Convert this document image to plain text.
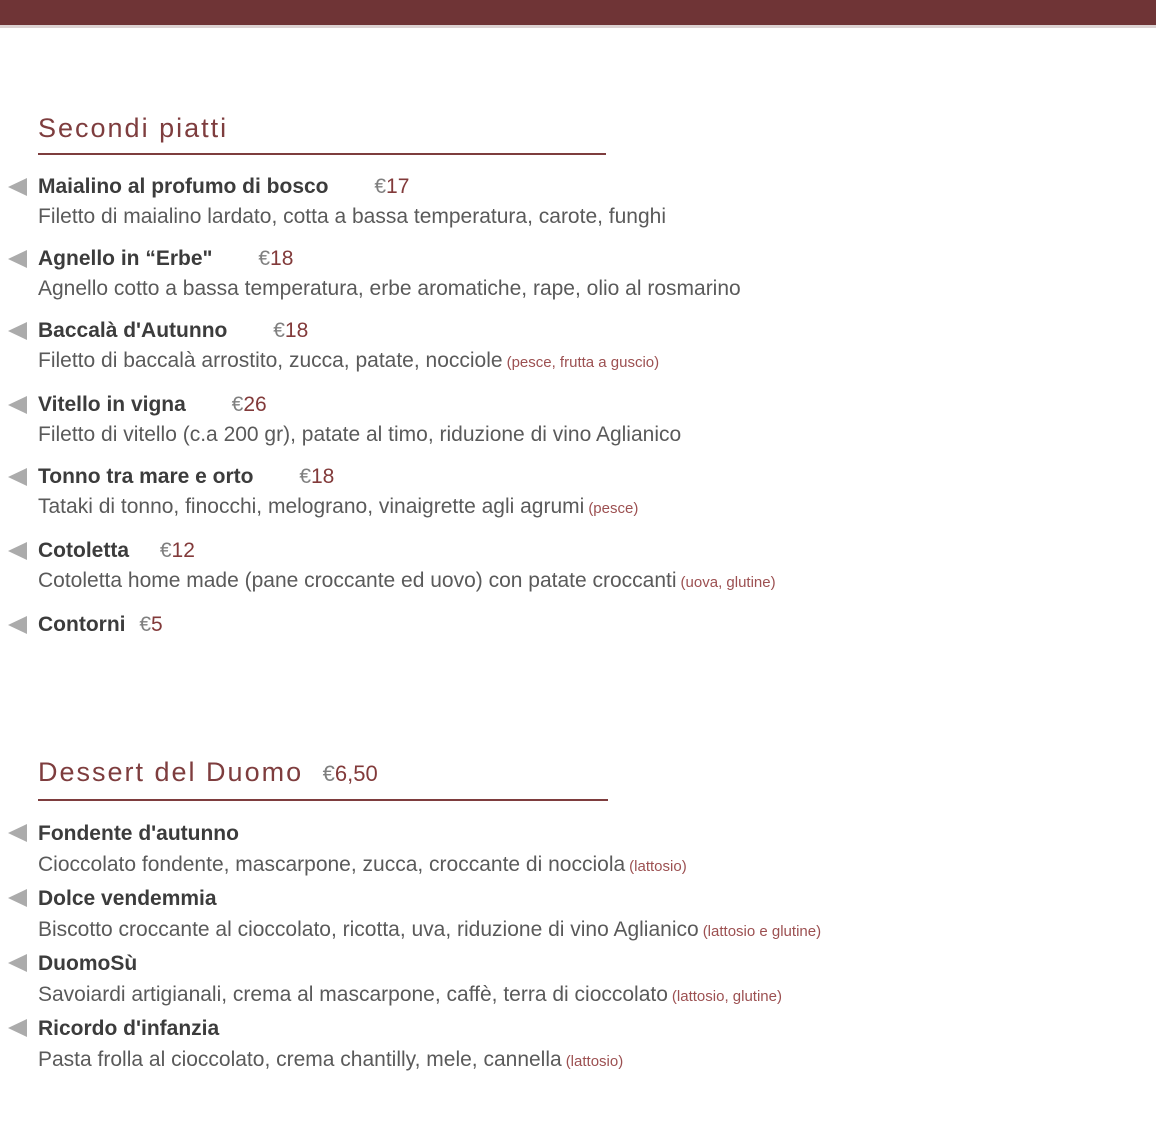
Secondi piatti
Maialino al profumo di bosco €17
Filetto di maialino lardato, cotta a bassa temperatura, carote, funghi
Agnello in “Erbe" €18
Agnello cotto a bassa temperatura, erbe aromatiche, rape, olio al rosmarino
Baccalà d'Autunno €18
Filetto di baccalà arrostito, zucca, patate, nocciole (pesce, frutta a guscio)
Vitello in vigna €26
Filetto di vitello (c.a 200 gr), patate al timo, riduzione di vino Aglianico
Tonno tra mare e orto €18
Tataki di tonno, finocchi, melograno, vinaigrette agli agrumi (pesce)
Cotoletta €12
Cotoletta home made (pane croccante ed uovo) con patate croccanti (uova, glutine)
Contorni €5
Dessert del Duomo €6,50
Fondente d'autunno
Cioccolato fondente, mascarpone, zucca, croccante di nocciola (lattosio)
Dolce vendemmia
Biscotto croccante al cioccolato, ricotta, uva, riduzione di vino Aglianico (lattosio e glutine)
DuomoSù
Savoiardi artigianali, crema al mascarpone, caffè, terra di cioccolato (lattosio, glutine)
Ricordo d'infanzia
Pasta frolla al cioccolato, crema chantilly, mele, cannella (lattosio)
